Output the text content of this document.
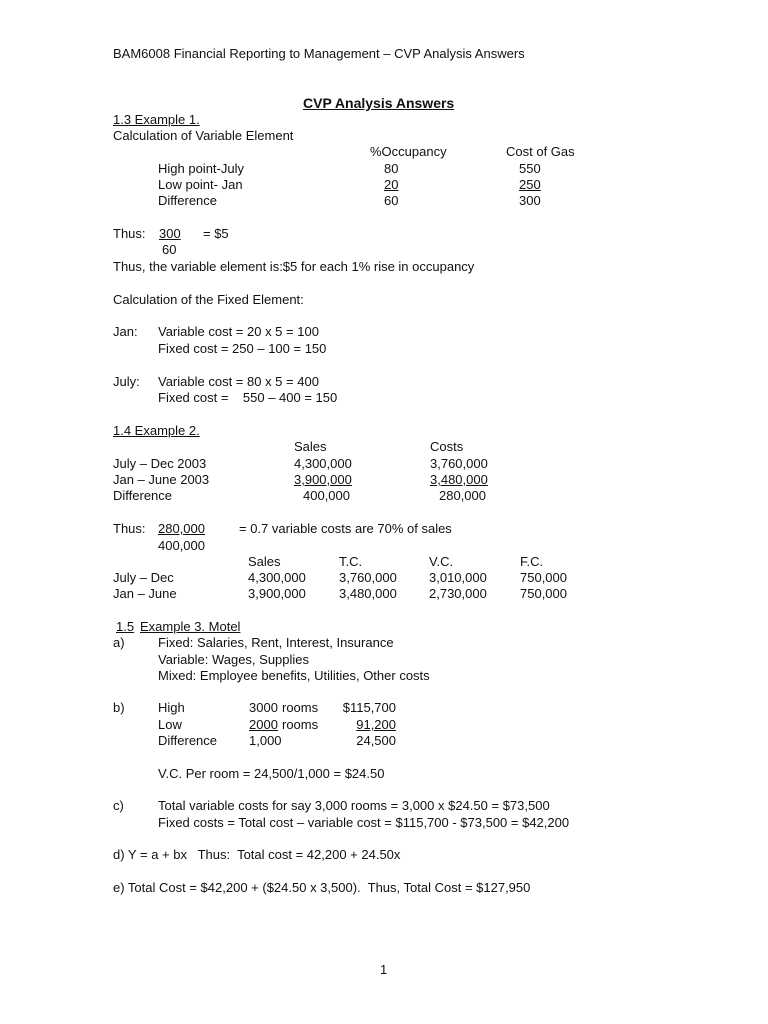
BAM6008 Financial Reporting to Management – CVP Analysis Answers
CVP Analysis Answers
1.3 Example 1.
Calculation of Variable Element
%Occupancy	Cost of Gas
High point-July	80	550
Low point- Jan	20	250
Difference	60	300
Thus: 300 = $5
60
Thus, the variable element is:$5 for each 1% rise in occupancy
Calculation of the Fixed Element:
Jan: Variable cost = 20 x 5 = 100
Fixed cost = 250 – 100 = 150
July: Variable cost = 80 x 5 = 400
Fixed cost =    550 – 400 = 150
1.4 Example 2.
Sales	Costs
July – Dec 2003	4,300,000	3,760,000
Jan – June 2003	3,900,000	3,480,000
Difference	400,000	280,000
Thus: 280,000	= 0.7 variable costs are 70% of sales
400,000
Sales	T.C.	V.C.	F.C.
July – Dec	4,300,000	3,760,000 3,010,000	750,000
Jan – June	3,900,000	3,480,000 2,730,000	750,000
1.5 Example 3. Motel
a)	Fixed: Salaries, Rent, Interest, Insurance
Variable: Wages, Supplies
Mixed: Employee benefits, Utilities, Other costs
b)	High	3000 rooms	$115,700
Low	2000 rooms	91,200
Difference 1,000	24,500
V.C. Per room = 24,500/1,000 = $24.50
c)	Total variable costs for say 3,000 rooms = 3,000 x $24.50 = $73,500
Fixed costs = Total cost – variable cost = $115,700 - $73,500 = $42,200
d) Y = a + bx   Thus:  Total cost = 42,200 + 24.50x
e) Total Cost = $42,200 + ($24.50 x 3,500).  Thus, Total Cost = $127,950
1
